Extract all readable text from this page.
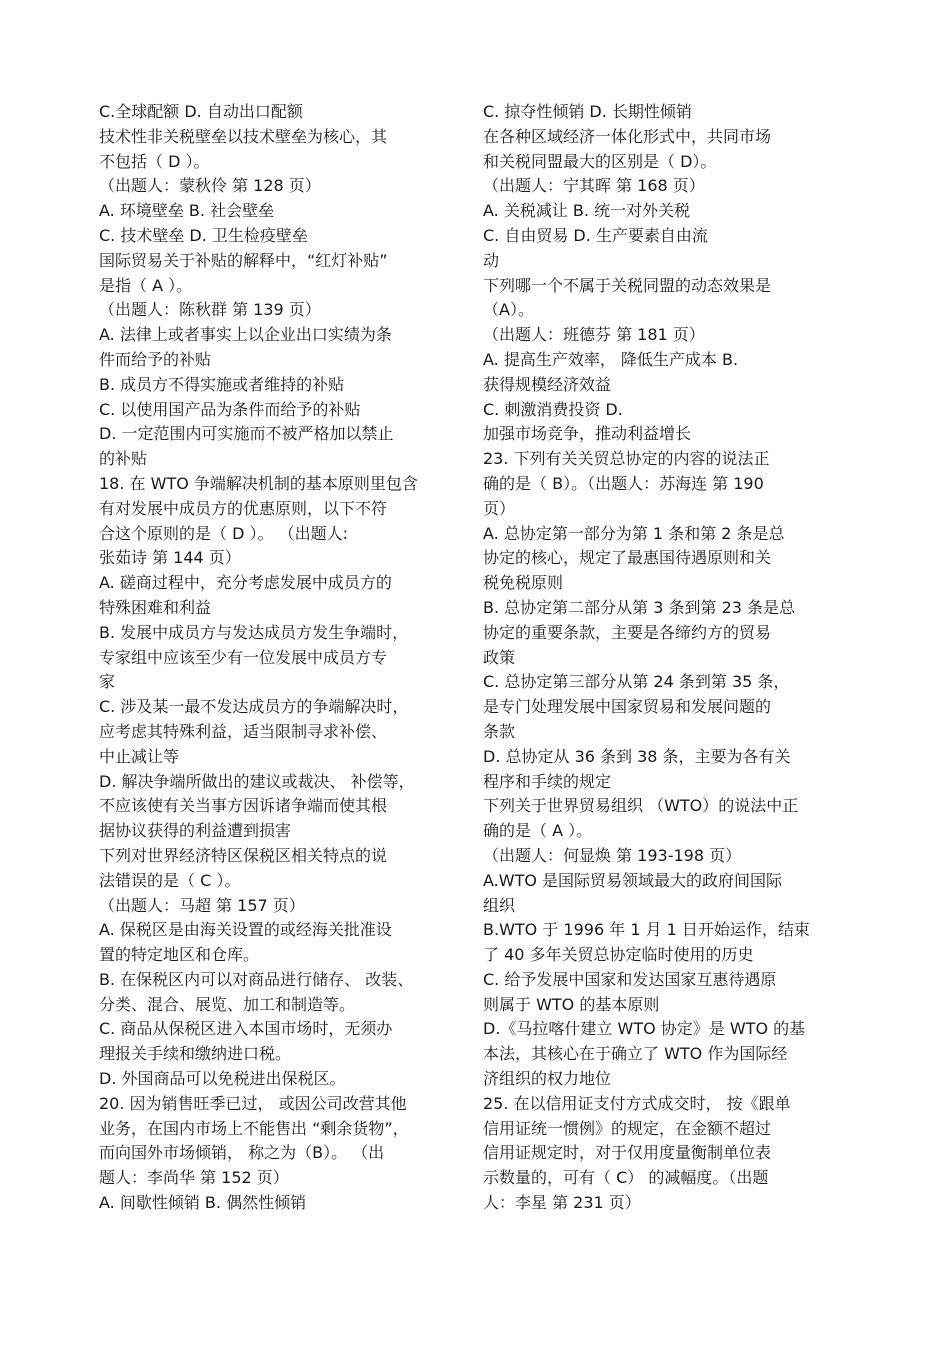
C.全球配额 D. 自动出口配额
技术性非关税壁垒以技术壁垒为核心，其
不包括（ D ）。
（出题人：蒙秋伶 第 128 页）
A. 环境壁垒 B. 社会壁垒
C. 技术壁垒 D. 卫生检疫壁垒
国际贸易关于补贴的解释中，“红灯补贴”
是指（ A ）。
（出题人：陈秋群 第 139 页）
A. 法律上或者事实上以企业出口实绩为条
件而给予的补贴
B. 成员方不得实施或者维持的补贴
C. 以使用国产品为条件而给予的补贴
D. 一定范围内可实施而不被严格加以禁止
的补贴
18. 在 WTO 争端解决机制的基本原则里包含
有对发展中成员方的优惠原则，以下不符
合这个原则的是（ D ）。 （出题人:
张茹诗 第 144 页）
A. 磋商过程中，充分考虑发展中成员方的
特殊困难和利益
B. 发展中成员方与发达成员方发生争端时，
专家组中应该至少有一位发展中成员方专
家
C. 涉及某一最不发达成员方的争端解决时，
应考虑其特殊利益，适当限制寻求补偿、
中止减让等
D. 解决争端所做出的建议或裁决、 补偿等，
不应该使有关当事方因诉诸争端而使其根
据协议获得的利益遭到损害
下列对世界经济特区保税区相关特点的说
法错误的是（ C ）。
（出题人：马超 第 157 页）
A. 保税区是由海关设置的或经海关批准设
置的特定地区和仓库。
B. 在保税区内可以对商品进行储存、 改装、
分类、混合、展览、加工和制造等。
C. 商品从保税区进入本国市场时，无须办
理报关手续和缴纳进口税。
D. 外国商品可以免税进出保税区。
20. 因为销售旺季已过， 或因公司改营其他
业务，在国内市场上不能售出 “剩余货物”，
而向国外市场倾销， 称之为（B）。 （出
题人：李尚华 第 152 页）
A. 间歇性倾销 B. 偶然性倾销
C. 掠夺性倾销 D. 长期性倾销
在各种区域经济一体化形式中，共同市场
和关税同盟最大的区别是（ D）。
（出题人：宁其晖 第 168 页）
A. 关税减让 B. 统一对外关税
C. 自由贸易 D. 生产要素自由流
动
下列哪一个不属于关税同盟的动态效果是
（A）。
（出题人：班德芬 第 181 页）
A. 提高生产效率， 降低生产成本 B.
获得规模经济效益
C. 刺激消费投资 D.
加强市场竞争，推动利益增长
23. 下列有关关贸总协定的内容的说法正
确的是（ B）。（出题人：苏海连 第 190
页）
A. 总协定第一部分为第 1 条和第 2 条是总
协定的核心，规定了最惠国待遇原则和关
税免税原则
B. 总协定第二部分从第 3 条到第 23 条是总
协定的重要条款，主要是各缔约方的贸易
政策
C. 总协定第三部分从第 24 条到第 35 条，
是专门处理发展中国家贸易和发展问题的
条款
D. 总协定从 36 条到 38 条，主要为各有关
程序和手续的规定
下列关于世界贸易组织 （WTO）的说法中正
确的是（ A ）。
（出题人：何显焕 第 193-198 页）
A.WTO 是国际贸易领域最大的政府间国际
组织
B.WTO 于 1996 年 1 月 1 日开始运作，结束
了 40 多年关贸总协定临时使用的历史
C. 给予发展中国家和发达国家互惠待遇原
则属于 WTO 的基本原则
D.《马拉喀什建立 WTO 协定》是 WTO 的基
本法，其核心在于确立了 WTO 作为国际经
济组织的权力地位
25. 在以信用证支付方式成交时， 按《跟单
信用证统一惯例》的规定，在金额不超过
信用证规定时，对于仅用度量衡制单位表
示数量的，可有（ C） 的减幅度。（出题
人：李星 第 231 页）
